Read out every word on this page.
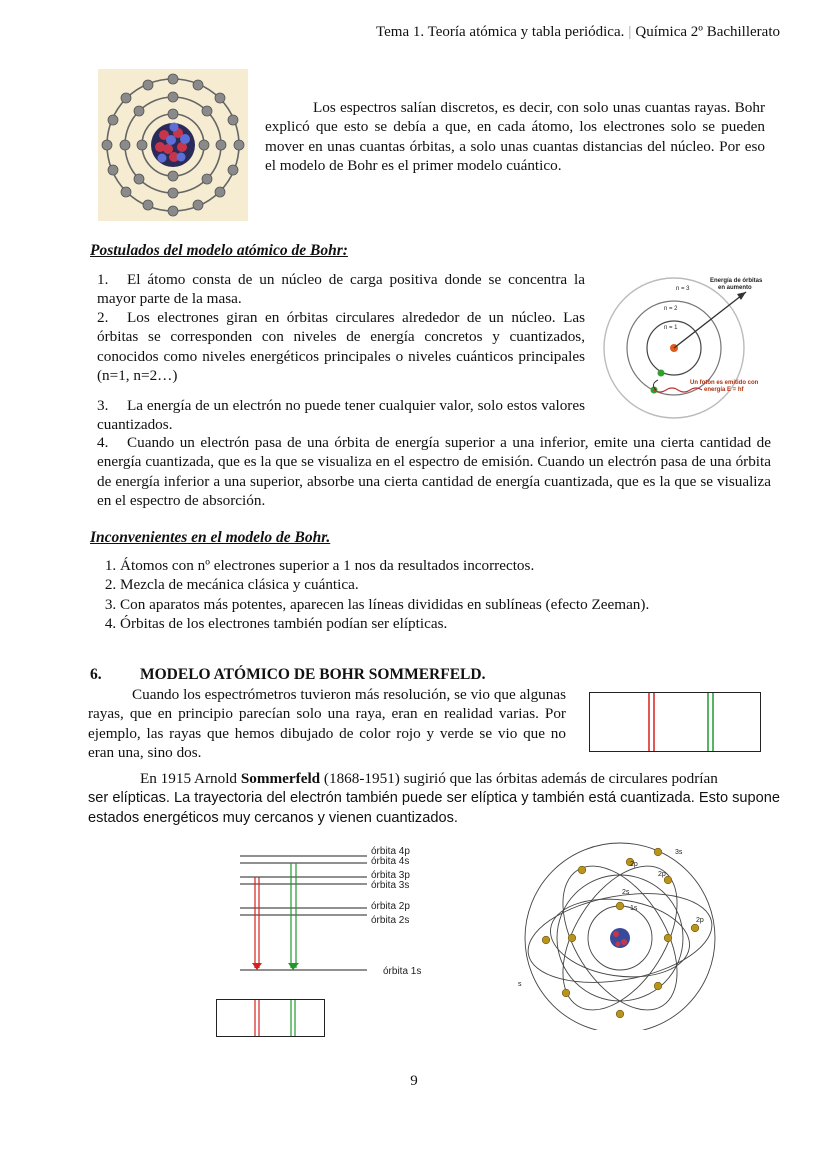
Tema 1. Teoría atómica y tabla periódica. | Química 2º Bachillerato
Los espectros salían discretos, es decir, con solo unas cuantas rayas. Bohr explicó que esto se debía a que, en cada átomo, los electrones solo se pueden mover en unas cuantas órbitas, a solo unas cuantas distancias del núcleo. Por eso el modelo de Bohr es el primer modelo cuántico.
Postulados del modelo atómico de Bohr:
1. El átomo consta de un núcleo de carga positiva donde se concentra la mayor parte de la masa.
2. Los electrones giran en órbitas circulares alrededor de un núcleo. Las órbitas se corresponden con niveles de energía concretos y cuantizados, conocidos como niveles energéticos principales o niveles cuánticos principales (n=1, n=2…)
3. La energía de un electrón no puede tener cualquier valor, solo estos valores cuantizados.
4. Cuando un electrón pasa de una órbita de energía superior a una inferior, emite una cierta cantidad de energía cuantizada, que es la que se visualiza en el espectro de emisión. Cuando un electrón pasa de una órbita de energía inferior a una superior, absorbe una cierta cantidad de energía cuantizada, que es la que se visualiza en el espectro de absorción.
n = 3
n = 2
n = 1
Energía de órbitas
en aumento
Un fotón es emitido con
energía E = hf
Inconvenientes en el modelo de Bohr.
1. Átomos con nº electrones superior a 1 nos da resultados incorrectos.
2. Mezcla de mecánica clásica y cuántica.
3. Con aparatos más potentes, aparecen las líneas divididas en sublíneas (efecto Zeeman).
4. Órbitas de los electrones también podían ser elípticas.
6. MODELO ATÓMICO DE BOHR SOMMERFELD.
Cuando los espectrómetros tuvieron más resolución, se vio que algunas rayas, que en principio parecían solo una raya, eran en realidad varias. Por ejemplo, las rayas que hemos dibujado de color rojo y verde se vio que no eran una, sino dos.
En 1915 Arnold Sommerfeld (1868-1951) sugirió que las órbitas además de circulares podrían
ser elípticas. La trayectoria del electrón también puede ser elíptica y también está cuantizada. Esto supone estados energéticos muy cercanos y vienen cuantizados.
órbita 4p
órbita 4s
órbita 3p
órbita 3s
órbita 2p
órbita 2s
órbita 1s
3s
2p
2p
2s
1s
2p
s
9
